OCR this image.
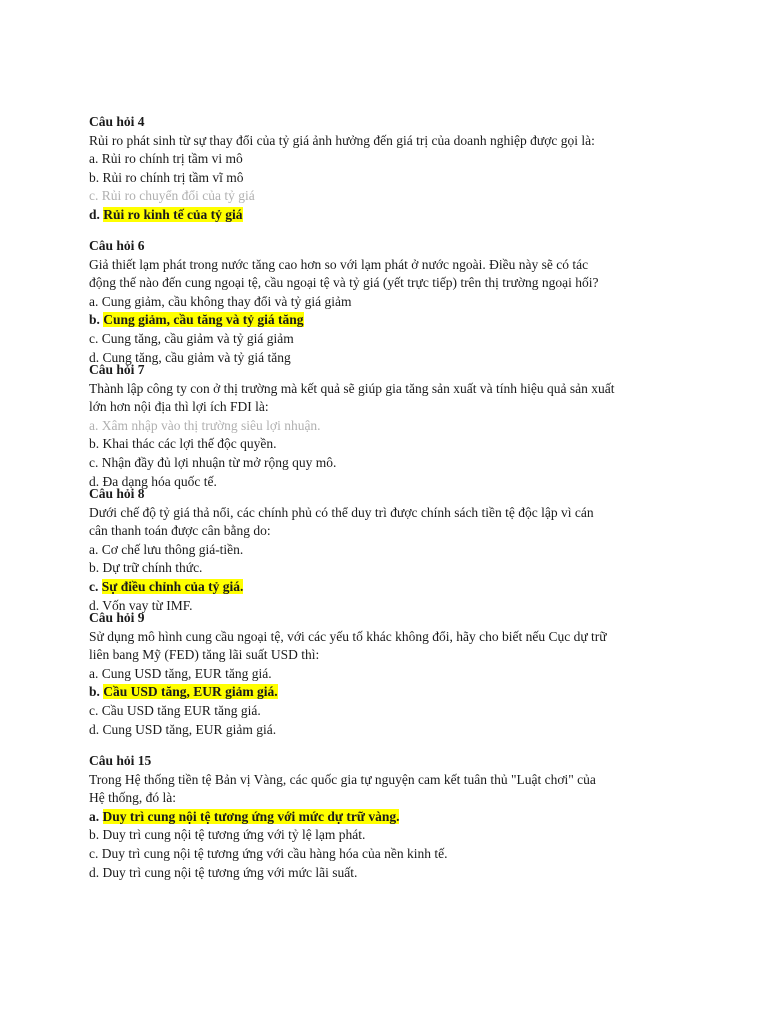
Câu hỏi 4
Rủi ro phát sinh từ sự thay đổi của tỷ giá ảnh hưởng đến giá trị của doanh nghiệp được gọi là:
a. Rủi ro chính trị tầm vi mô
b. Rủi ro chính trị tầm vĩ mô
c. Rủi ro chuyển đổi của tỷ giá
d. Rủi ro kinh tế của tỷ giá
Câu hỏi 6
Giả thiết lạm phát trong nước tăng cao hơn so với lạm phát ở nước ngoài. Điều này sẽ có tác
động thế nào đến cung ngoại tệ, cầu ngoại tệ và tỷ giá (yết trực tiếp) trên thị trường ngoại hối?
a. Cung giảm, cầu không thay đổi và tỷ giá giảm
b. Cung giảm, cầu tăng và tỷ giá tăng
c. Cung tăng, cầu giảm và tỷ giá giảm
d. Cung tăng, cầu giảm và tỷ giá tăng
Câu hỏi 7
Thành lập công ty con ở thị trường mà kết quả sẽ giúp gia tăng sản xuất và tính hiệu quả sản xuất
lớn hơn nội địa thì lợi ích FDI là:
a. Xâm nhập vào thị trường siêu lợi nhuận.
b. Khai thác các lợi thế độc quyền.
c. Nhận đầy đủ lợi nhuận từ mở rộng quy mô.
d. Đa dạng hóa quốc tế.
Câu hỏi 8
Dưới chế độ tỷ giá thả nổi, các chính phủ có thể duy trì được chính sách tiền tệ độc lập vì cán
cân thanh toán được cân bằng do:
a. Cơ chế lưu thông giá-tiền.
b. Dự trữ chính thức.
c. Sự điều chỉnh của tỷ giá.
d. Vốn vay từ IMF.
Câu hỏi 9
Sử dụng mô hình cung cầu ngoại tệ, với các yếu tố khác không đổi, hãy cho biết nếu Cục dự trữ
liên bang Mỹ (FED) tăng lãi suất USD thì:
a. Cung USD tăng, EUR tăng giá.
b. Cầu USD tăng, EUR giảm giá.
c. Cầu USD tăng EUR tăng giá.
d. Cung USD tăng, EUR giảm giá.
Câu hỏi 15
Trong Hệ thống tiền tệ Bản vị Vàng, các quốc gia tự nguyện cam kết tuân thủ "Luật chơi" của
Hệ thống, đó là:
a. Duy trì cung nội tệ tương ứng với mức dự trữ vàng.
b. Duy trì cung nội tệ tương ứng với tỷ lệ lạm phát.
c. Duy trì cung nội tệ tương ứng với cầu hàng hóa của nền kinh tế.
d. Duy trì cung nội tệ tương ứng với mức lãi suất.
